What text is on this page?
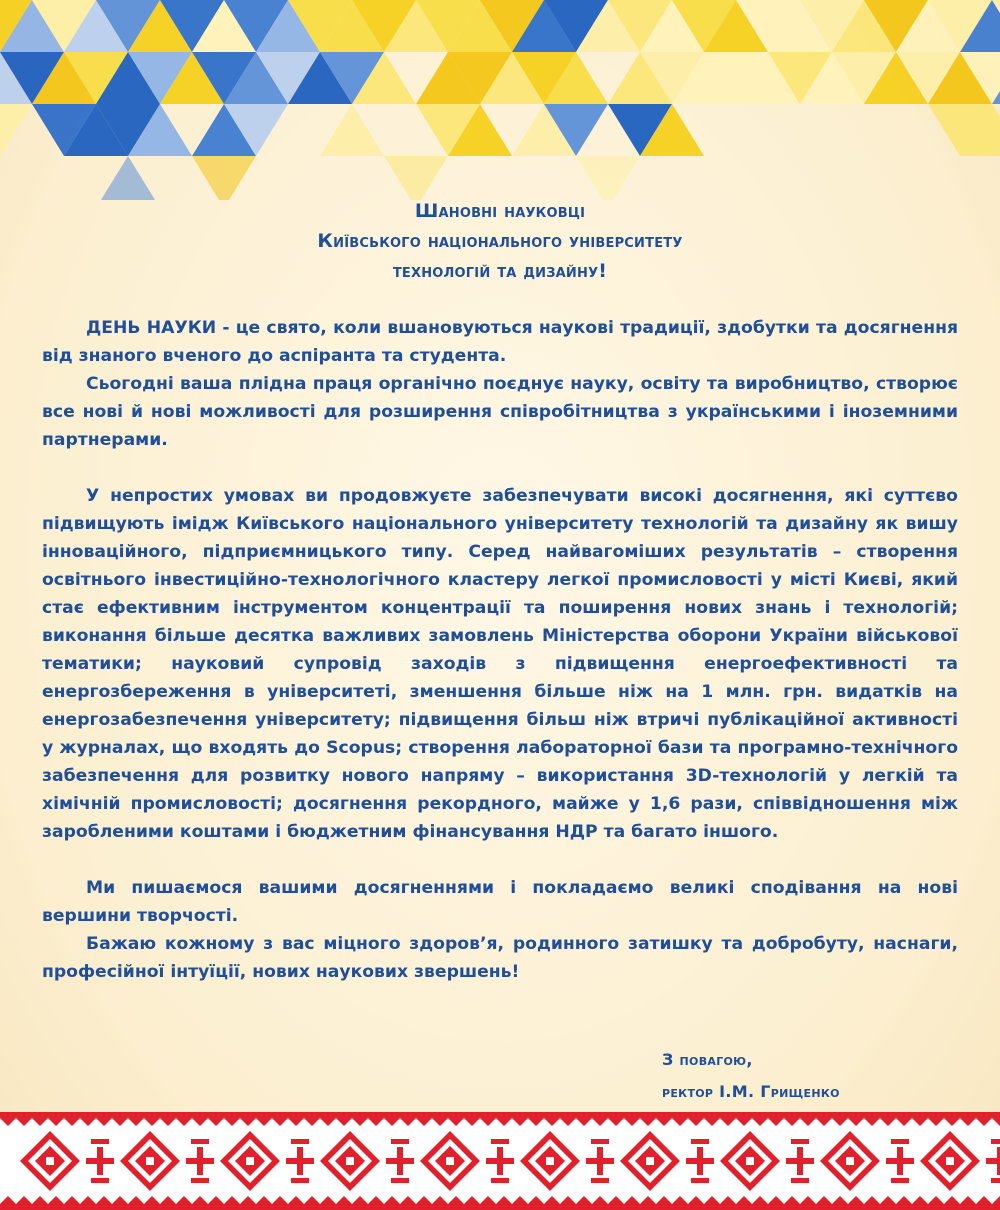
Шановні науковці
Київського національного університету
технологій та дизайну!

ДЕНЬ НАУКИ - це свято, коли вшановуються наукові традиції, здобутки та досягнення від знаного вченого до аспіранта та студента.

Сьогодні ваша плідна праця органічно поєднує науку, освіту та виробництво, створює все нові й нові можливості для розширення співробітництва з українськими і іноземними партнерами.

У непростих умовах ви продовжуєте забезпечувати високі досягнення, які суттєво підвищують імідж Київського національного університету технологій та дизайну як вишу інноваційного, підприємницького типу. Серед найвагоміших результатів – створення освітнього інвестиційно-технологічного кластеру легкої промисловості у місті Києві, який стає ефективним інструментом концентрації та поширення нових знань і технологій; виконання більше десятка важливих замовлень Міністерства оборони України військової тематики; науковий супровід заходів з підвищення енергоефективності та енергозбереження в університеті, зменшення більше ніж на 1 млн. грн. видатків на енергозабезпечення університету; підвищення більш ніж втричі публікаційної активності у журналах, що входять до Scopus; створення лабораторної бази та програмно-технічного забезпечення для розвитку нового напряму – використання 3D-технологій у легкій та хімічній промисловості; досягнення рекордного, майже у 1,6 рази, співвідношення між заробленими коштами і бюджетним фінансування НДР та багато іншого.

Ми пишаємося вашими досягненнями і покладаємо великі сподівання на нові вершини творчості.

Бажаю кожному з вас міцного здоров’я, родинного затишку та добробуту, наснаги, професійної інтуїції, нових наукових звершень!

З повагою,
ректор І.М. Грищенко
